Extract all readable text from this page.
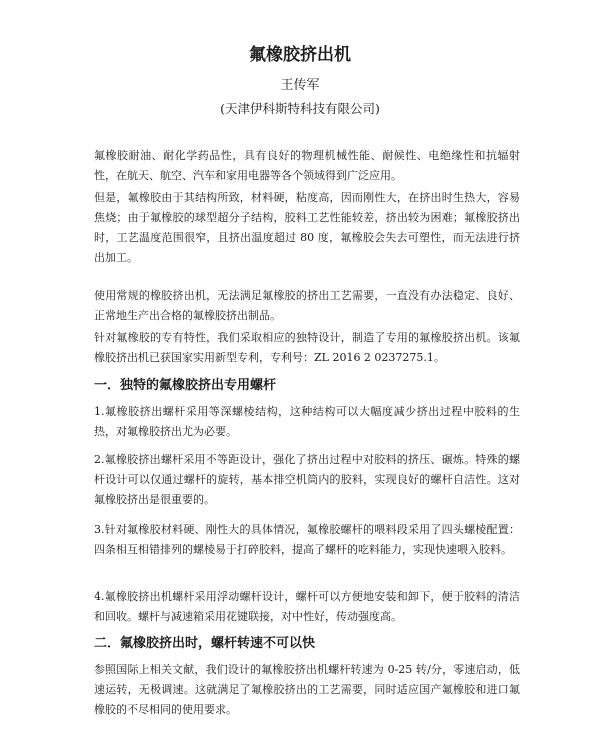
氟橡胶挤出机
王传军
(天津伊科斯特科技有限公司)
氟橡胶耐油、耐化学药品性，具有良好的物理机械性能、耐候性、电绝缘性和抗辐射性，在航天、航空、汽车和家用电器等各个领域得到广泛应用。
但是，氟橡胶由于其结构所致，材料硬，粘度高，因而刚性大，在挤出时生热大，容易焦烧；由于氟橡胶的球型超分子结构，胶料工艺性能较差，挤出较为困难；氟橡胶挤出时，工艺温度范围很窄，且挤出温度超过 80 度，氟橡胶会失去可塑性，而无法进行挤出加工。
使用常规的橡胶挤出机，无法满足氟橡胶的挤出工艺需要，一直没有办法稳定、良好、正常地生产出合格的氟橡胶挤出制品。
针对氟橡胶的专有特性，我们采取相应的独特设计，制造了专用的氟橡胶挤出机。该氟橡胶挤出机已获国家实用新型专利，专利号：ZL 2016 2 0237275.1。
一．独特的氟橡胶挤出专用螺杆
1.氟橡胶挤出螺杆采用等深螺棱结构，这种结构可以大幅度减少挤出过程中胶料的生热，对氟橡胶挤出尤为必要。
2.氟橡胶挤出螺杆采用不等距设计，强化了挤出过程中对胶料的挤压、碾炼。特殊的螺杆设计可以仅通过螺杆的旋转，基本排空机筒内的胶料，实现良好的螺杆自洁性。这对氟橡胶挤出是很重要的。
3.针对氟橡胶材料硬、刚性大的具体情况，氟橡胶螺杆的喂料段采用了四头螺棱配置：四条相互相错排列的螺棱易于打碎胶料，提高了螺杆的吃料能力，实现快速喂入胶料。
4.氟橡胶挤出机螺杆采用浮动螺杆设计，螺杆可以方便地安装和卸下，便于胶料的清洁和回收。螺杆与减速箱采用花键联接，对中性好，传动强度高。
二．氟橡胶挤出时，螺杆转速不可以快
参照国际上相关文献，我们设计的氟橡胶挤出机螺杆转速为 0-25 转/分，零速启动，低速运转，无极调速。这就满足了氟橡胶挤出的工艺需要，同时适应国产氟橡胶和进口氟橡胶的不尽相同的使用要求。
